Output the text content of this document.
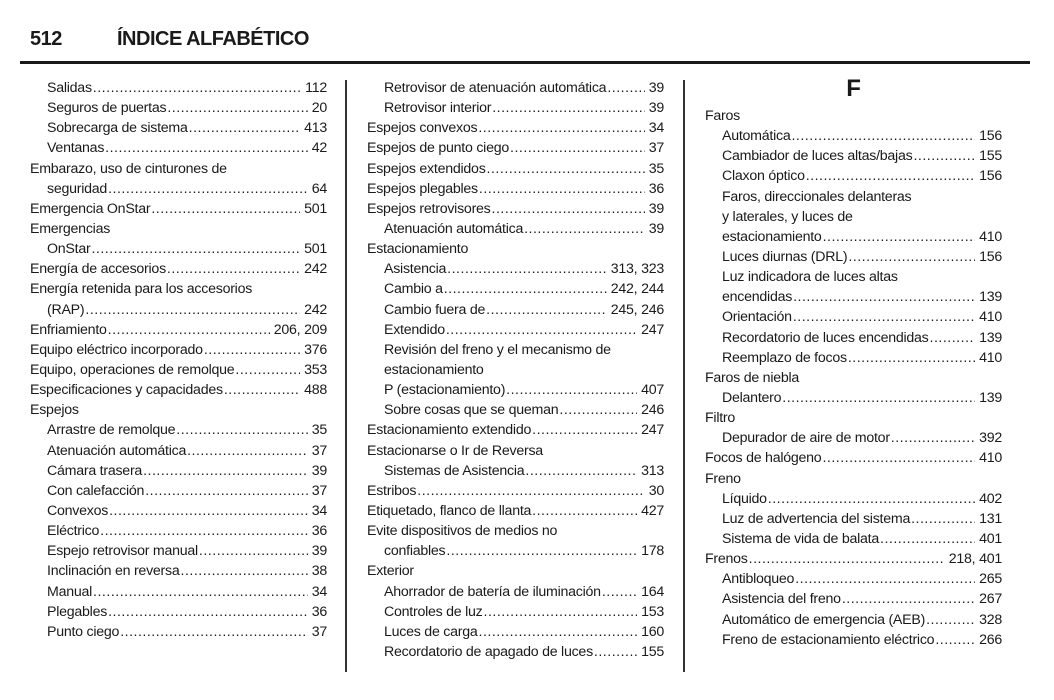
512	ÍNDICE ALFABÉTICO
Salidas .....	112
Seguros de puertas .....	20
Sobrecarga de sistema .....	413
Ventanas .....	42
Embarazo, uso de cinturones de
seguridad .....	64
Emergencia OnStar .....	501
Emergencias
OnStar .....	501
Energía de accesorios .....	242
Energía retenida para los accesorios
(RAP) .....	242
Enfriamiento .....	206, 209
Equipo eléctrico incorporado .....	376
Equipo, operaciones de remolque .....	353
Especificaciones y capacidades .....	488
Espejos
Arrastre de remolque .....	35
Atenuación automática .....	37
Cámara trasera .....	39
Con calefacción .....	37
Convexos .....	34
Eléctrico .....	36
Espejo retrovisor manual .....	39
Inclinación en reversa .....	38
Manual .....	34
Plegables .....	36
Punto ciego .....	37
Retrovisor de atenuación automática .....	39
Retrovisor interior .....	39
Espejos convexos .....	34
Espejos de punto ciego .....	37
Espejos extendidos .....	35
Espejos plegables .....	36
Espejos retrovisores .....	39
Atenuación automática .....	39
Estacionamiento
Asistencia .....	313, 323
Cambio a .....	242, 244
Cambio fuera de .....	245, 246
Extendido .....	247
Revisión del freno y el mecanismo de
estacionamiento
P (estacionamiento) .....	407
Sobre cosas que se queman .....	246
Estacionamiento extendido .....	247
Estacionarse o Ir de Reversa
Sistemas de Asistencia .....	313
Estribos .....	30
Etiquetado, flanco de llanta .....	427
Evite dispositivos de medios no
confiables .....	178
Exterior
Ahorrador de batería de iluminación .....	164
Controles de luz .....	153
Luces de carga .....	160
Recordatorio de apagado de luces .....	155
F
Faros
Automática .....	156
Cambiador de luces altas/bajas .....	155
Claxon óptico .....	156
Faros, direccionales delanteras
y laterales, y luces de
estacionamiento .....	410
Luces diurnas (DRL) .....	156
Luz indicadora de luces altas
encendidas .....	139
Orientación .....	410
Recordatorio de luces encendidas .....	139
Reemplazo de focos .....	410
Faros de niebla
Delantero .....	139
Filtro
Depurador de aire de motor .....	392
Focos de halógeno .....	410
Freno
Líquido .....	402
Luz de advertencia del sistema .....	131
Sistema de vida de balata .....	401
Frenos .....	218, 401
Antibloqueo .....	265
Asistencia del freno .....	267
Automático de emergencia (AEB) .....	328
Freno de estacionamiento eléctrico .....	266
